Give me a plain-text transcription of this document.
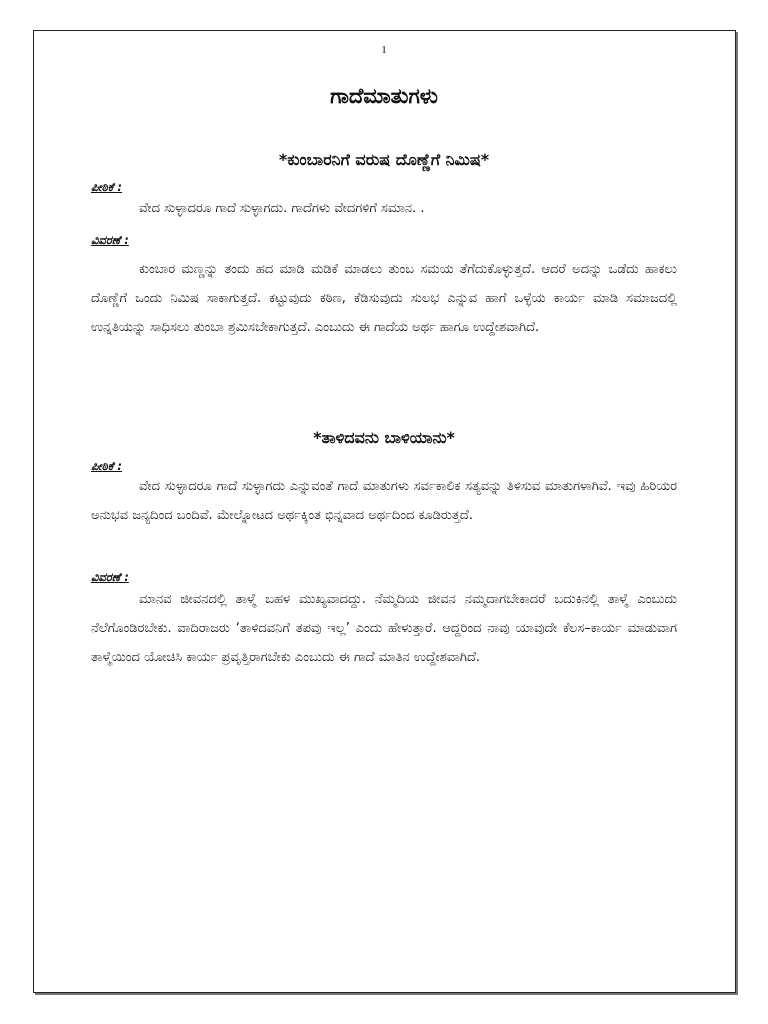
1
ಗಾದೆಮಾತುಗಳು
*ಕುಂಬಾರನಿಗೆ ವರುಷ ದೊಣ್ಣೆಗೆ ನಿಮಿಷ*
ಪೀಠಿಕೆ :

ವೇದ ಸುಳ್ಳಾದರೂ ಗಾದೆ ಸುಳ್ಳಾಗದು. ಗಾದೆಗಳು ವೇದಗಳಿಗೆ ಸಮಾನ. .

ವಿವರಣೆ :

ಕುಂಬಾರ ಮಣ್ಣನ್ನು ತಂದು ಹದ ಮಾಡಿ ಮಡಿಕೆ ಮಾಡಲು ತುಂಬ ಸಮಯ ತೆಗೆದುಕೊಳ್ಳುತ್ತದೆ. ಆದರೆ ಅದನ್ನು ಒಡೆದು ಹಾಕಲು ದೊಣ್ಣೆಗೆ ಒಂದು ನಿಮಿಷ ಸಾಕಾಗುತ್ತದೆ. ಕಟ್ಟುವುದು ಕಠಿಣ, ಕೆಡಿಸುವುದು ಸುಲಭ ಎನ್ನುವ ಹಾಗೆ ಒಳ್ಳೆಯ ಕಾರ್ಯ ಮಾಡಿ ಸಮಾಜದಲ್ಲಿ ಉನ್ನತಿಯನ್ನು ಸಾಧಿಸಲು ತುಂಬಾ ಶ್ರಮಿಸಬೇಕಾಗುತ್ತದೆ. ಎಂಬುದು ಈ ಗಾದೆಯ ಅರ್ಥ ಹಾಗೂ ಉದ್ದೇಶವಾಗಿದೆ.

*ತಾಳಿದವನು ಬಾಳಿಯಾನು*
ಪೀಠಿಕೆ :

ವೇದ ಸುಳ್ಳಾದರೂ ಗಾದೆ ಸುಳ್ಳಾಗದು ಎನ್ನುವಂತೆ ಗಾದೆ ಮಾತುಗಳು ಸರ್ವಕಾಲಿಕ ಸತ್ಯವನ್ನು ತಿಳಿಸುವ ಮಾತುಗಳಾಗಿವೆ. ಇವು ಹಿರಿಯರ ಅನುಭವ ಜನ್ಯದಿಂದ ಬಂದಿವೆ. ಮೇಲ್ನೋಟದ ಅರ್ಥಕ್ಕಿಂತ ಭಿನ್ನವಾದ ಅರ್ಥದಿಂದ ಕೂಡಿರುತ್ತದೆ.

ವಿವರಣೆ :

ಮಾನವ ಜೀವನದಲ್ಲಿ ತಾಳ್ಮೆ ಬಹಳ ಮುಖ್ಯವಾದದ್ದು. ನೆಮ್ಮದಿಯ ಜೀವನ ನಮ್ಮದಾಗಬೇಕಾದರೆ ಬದುಕಿನಲ್ಲಿ ತಾಳ್ಮೆ ಎಂಬುದು ನೆಲೆಗೊಂಡಿರಬೇಕು. ವಾದಿರಾಜರು ‘ತಾಳಿದವನಿಗೆ ತಪವು ಇಲ್ಲ’ ಎಂದು ಹೇಳುತ್ತಾರೆ. ಆದ್ದರಿಂದ ನಾವು ಯಾವುದೇ ಕೆಲಸ–ಕಾರ್ಯ ಮಾಡುವಾಗ ತಾಳ್ಮೆಯಿಂದ ಯೋಚಿಸಿ ಕಾರ್ಯ ಪ್ರವೃತ್ತಿರಾಗಬೇಕು ಎಂಬುದು ಈ ಗಾದೆ ಮಾತಿನ ಉದ್ದೇಶವಾಗಿದೆ.
